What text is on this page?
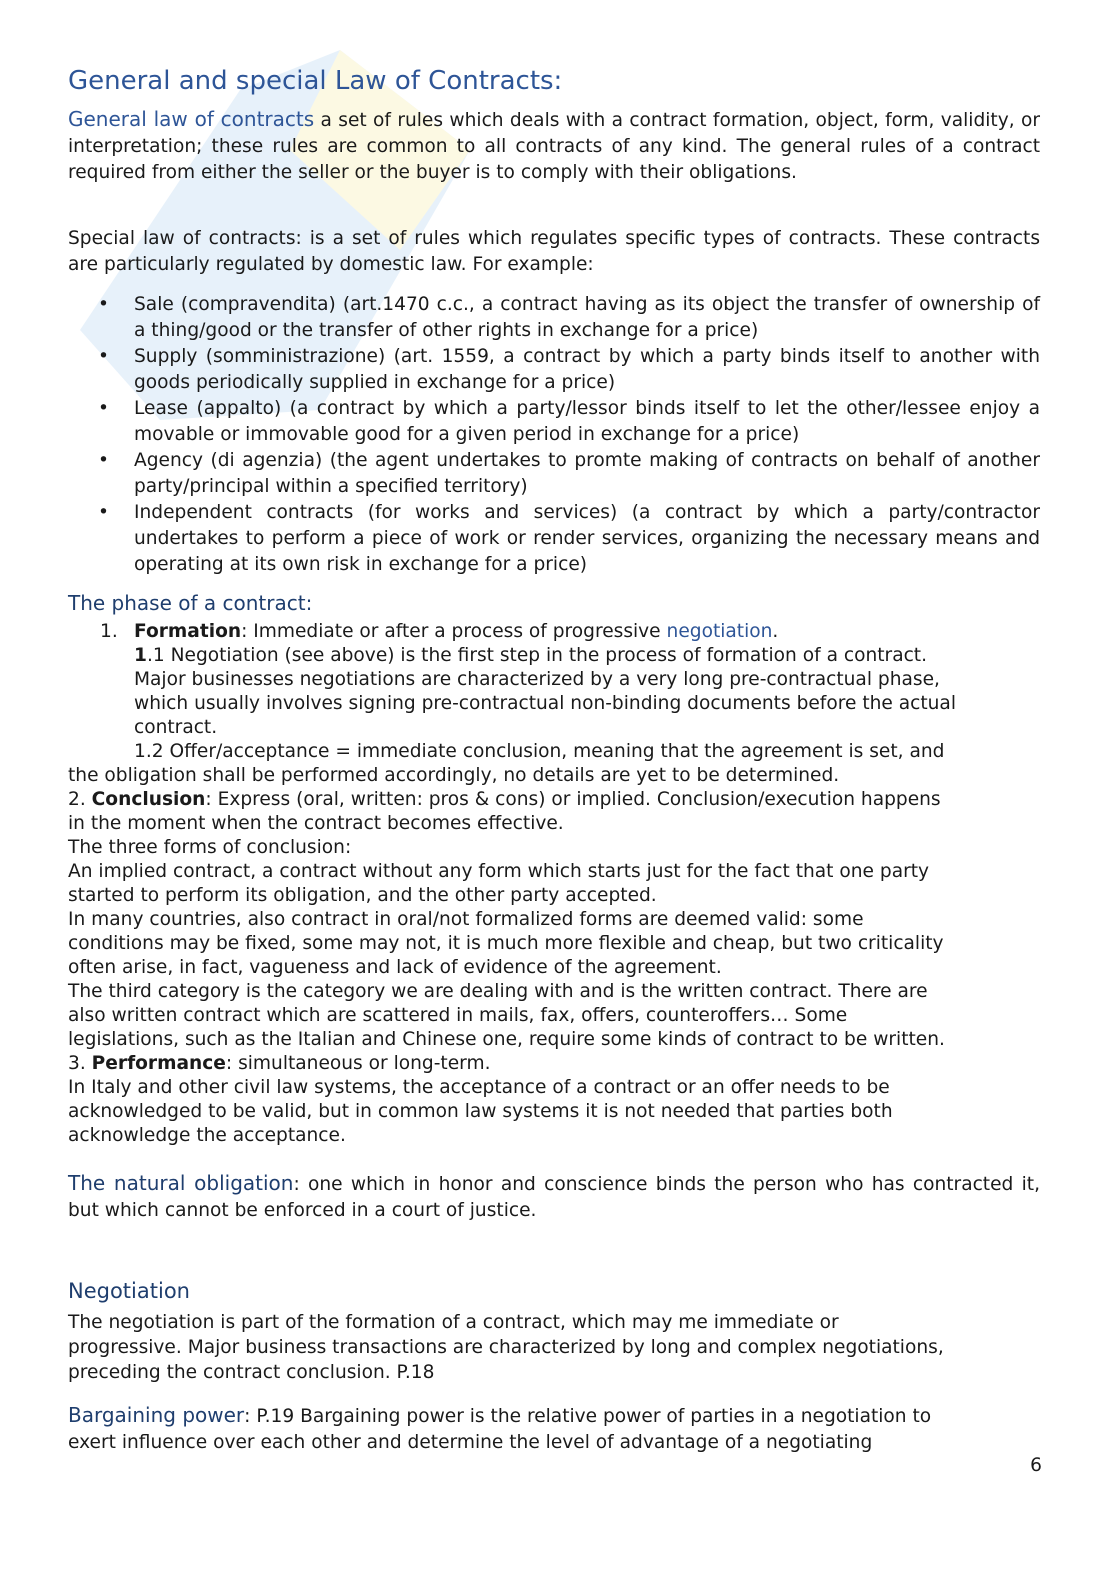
General and special Law of Contracts:
General law of contracts a set of rules which deals with a contract formation, object, form, validity, or interpretation; these rules are common to all contracts of any kind. The general rules of a contract required from either the seller or the buyer is to comply with their obligations.
Special law of contracts: is a set of rules which regulates specific types of contracts. These contracts are particularly regulated by domestic law. For example:
• Sale (compravendita) (art.1470 c.c., a contract having as its object the transfer of ownership of a thing/good or the transfer of other rights in exchange for a price)
• Supply (somministrazione) (art. 1559, a contract by which a party binds itself to another with goods periodically supplied in exchange for a price)
• Lease (appalto) (a contract by which a party/lessor binds itself to let the other/lessee enjoy a movable or immovable good for a given period in exchange for a price)
• Agency (di agenzia) (the agent undertakes to promte making of contracts on behalf of another party/principal within a specified territory)
• Independent contracts (for works and services) (a contract by which a party/contractor undertakes to perform a piece of work or render services, organizing the necessary means and operating at its own risk in exchange for a price)
The phase of a contract:
1. Formation: Immediate or after a process of progressive negotiation.
1.1 Negotiation (see above) is the first step in the process of formation of a contract.
Major businesses negotiations are characterized by a very long pre-contractual phase,
which usually involves signing pre-contractual non-binding documents before the actual
contract.
1.2 Offer/acceptance = immediate conclusion, meaning that the agreement is set, and
the obligation shall be performed accordingly, no details are yet to be determined.
2. Conclusion: Express (oral, written: pros & cons) or implied. Conclusion/execution happens
in the moment when the contract becomes effective.
The three forms of conclusion:
An implied contract, a contract without any form which starts just for the fact that one party
started to perform its obligation, and the other party accepted.
In many countries, also contract in oral/not formalized forms are deemed valid: some
conditions may be fixed, some may not, it is much more flexible and cheap, but two criticality
often arise, in fact, vagueness and lack of evidence of the agreement.
The third category is the category we are dealing with and is the written contract. There are
also written contract which are scattered in mails, fax, offers, counteroffers… Some
legislations, such as the Italian and Chinese one, require some kinds of contract to be written.
3. Performance: simultaneous or long-term.
In Italy and other civil law systems, the acceptance of a contract or an offer needs to be
acknowledged to be valid, but in common law systems it is not needed that parties both
acknowledge the acceptance.
The natural obligation: one which in honor and conscience binds the person who has contracted it, but which cannot be enforced in a court of justice.
Negotiation
The negotiation is part of the formation of a contract, which may me immediate or
progressive. Major business transactions are characterized by long and complex negotiations,
preceding the contract conclusion. P.18
Bargaining power: P.19 Bargaining power is the relative power of parties in a negotiation to
exert influence over each other and determine the level of advantage of a negotiating
6
